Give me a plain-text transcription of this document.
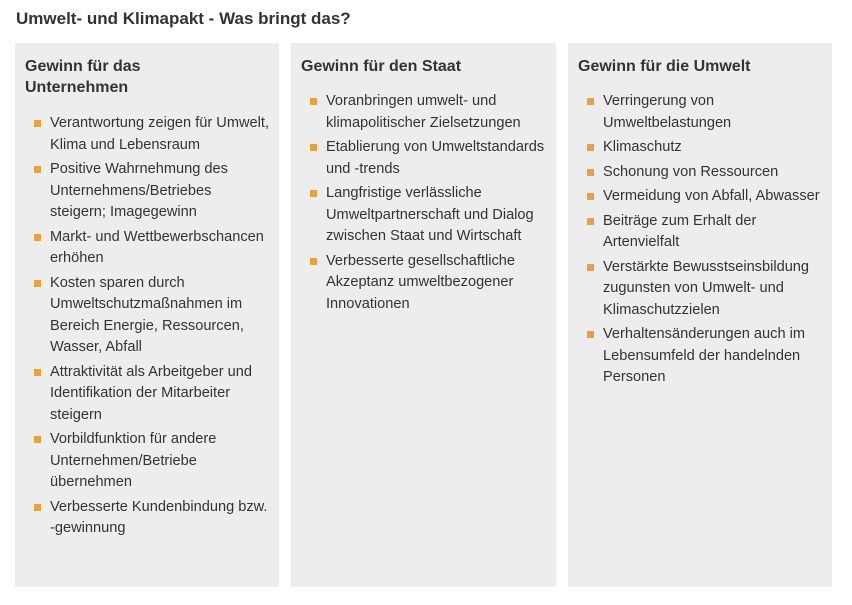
Umwelt- und Klimapakt - Was bringt das?
Gewinn für das Unternehmen
Verantwortung zeigen für Umwelt, Klima und Lebensraum
Positive Wahrnehmung des Unternehmens/Betriebes steigern; Imagegewinn
Markt- und Wettbewerbschancen erhöhen
Kosten sparen durch Umweltschutzmaßnahmen im Bereich Energie, Ressourcen, Wasser, Abfall
Attraktivität als Arbeitgeber und Identifikation der Mitarbeiter steigern
Vorbildfunktion für andere Unternehmen/Betriebe übernehmen
Verbesserte Kundenbindung bzw. -gewinnung
Gewinn für den Staat
Voranbringen umwelt- und klimapolitischer Zielsetzungen
Etablierung von Umweltstandards und -trends
Langfristige verlässliche Umweltpartnerschaft und Dialog zwischen Staat und Wirtschaft
Verbesserte gesellschaftliche Akzeptanz umweltbezogener Innovationen
Gewinn für die Umwelt
Verringerung von Umweltbelastungen
Klimaschutz
Schonung von Ressourcen
Vermeidung von Abfall, Abwasser
Beiträge zum Erhalt der Artenvielfalt
Verstärkte Bewusstseinsbildung zugunsten von Umwelt- und Klimaschutzzielen
Verhaltensänderungen auch im Lebensumfeld der handelnden Personen
